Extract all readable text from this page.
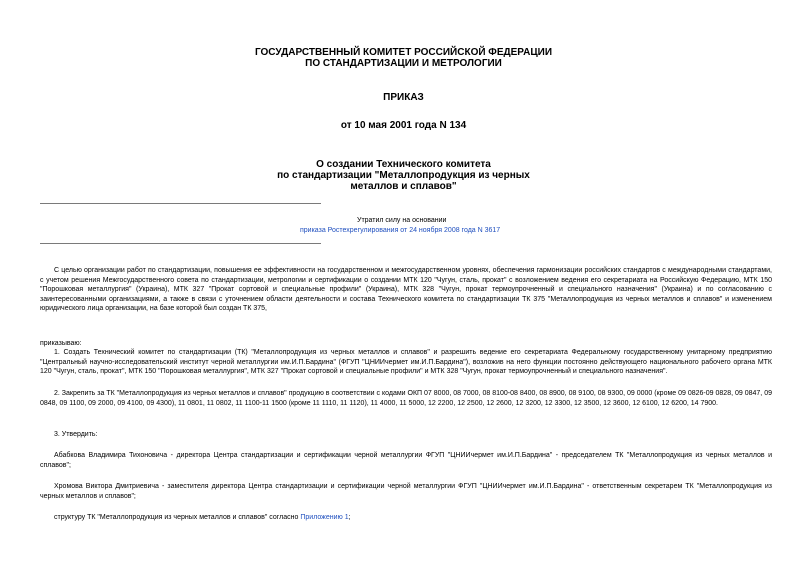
ГОСУДАРСТВЕННЫЙ КОМИТЕТ РОССИЙСКОЙ ФЕДЕРАЦИИ
ПО СТАНДАРТИЗАЦИИ И МЕТРОЛОГИИ
ПРИКАЗ
от 10 мая 2001 года N 134
О создании Технического комитета
по стандартизации "Металлопродукция из черных
металлов и сплавов"
Утратил силу на основании
приказа Ростехрегулирования от 24 ноября 2008 года N 3617
С целью организации работ по стандартизации, повышения ее эффективности на государственном и межгосударственном уровнях, обеспечения гармонизации российских стандартов с международными стандартами, с учетом решения Межгосударственного совета по стандартизации, метрологии и сертификации о создании МТК 120 "Чугун, сталь, прокат" с возложением ведения его секретариата на Российскую Федерацию, МТК 150 "Порошковая металлургия" (Украина), МТК 327 "Прокат сортовой и специальные профили" (Украина), МТК 328 "Чугун, прокат термоупрочненный и специального назначения" (Украина) и по согласованию с заинтересованными организациями, а также в связи с уточнением области деятельности и состава Технического комитета по стандартизации ТК 375 "Металлопродукция из черных металлов и сплавов" и изменением юридического лица организации, на базе которой был создан ТК 375,
приказываю:
1. Создать Технический комитет по стандартизации (ТК) "Металлопродукция из черных металлов и сплавов" и разрешить ведение его секретариата Федеральному государственному унитарному предприятию "Центральный научно-исследовательский институт черной металлургии им.И.П.Бардина" (ФГУП "ЦНИИчермет им.И.П.Бардина"), возложив на него функции постоянно действующего национального рабочего органа МТК 120 "Чугун, сталь, прокат", МТК 150 "Порошковая металлургия", МТК 327 "Прокат сортовой и специальные профили" и МТК 328 "Чугун, прокат термоупрочненный и специального назначения".
2. Закрепить за ТК "Металлопродукция из черных металлов и сплавов" продукцию в соответствии с кодами ОКП 07 8000, 08 7000, 08 8100-08 8400, 08 8900, 08 9100, 08 9300, 09 0000 (кроме 09 0826-09 0828, 09 0847, 09 0848, 09 1100, 09 2000, 09 4100, 09 4300), 11 0801, 11 0802, 11 1100-11 1500 (кроме 11 1110, 11 1120), 11 4000, 11 5000, 12 2200, 12 2500, 12 2600, 12 3200, 12 3300, 12 3500, 12 3600, 12 6100, 12 6200, 14 7900.
3. Утвердить:
Абабкова Владимира Тихоновича - директора Центра стандартизации и сертификации черной металлургии ФГУП "ЦНИИчермет им.И.П.Бардина" - председателем ТК "Металлопродукция из черных металлов и сплавов";
Хромова Виктора Дмитриевича - заместителя директора Центра стандартизации и сертификации черной металлургии ФГУП "ЦНИИчермет им.И.П.Бардина" - ответственным секретарем ТК "Металлопродукция из черных металлов и сплавов";
структуру ТК "Металлопродукция из черных металлов и сплавов" согласно Приложению 1;
